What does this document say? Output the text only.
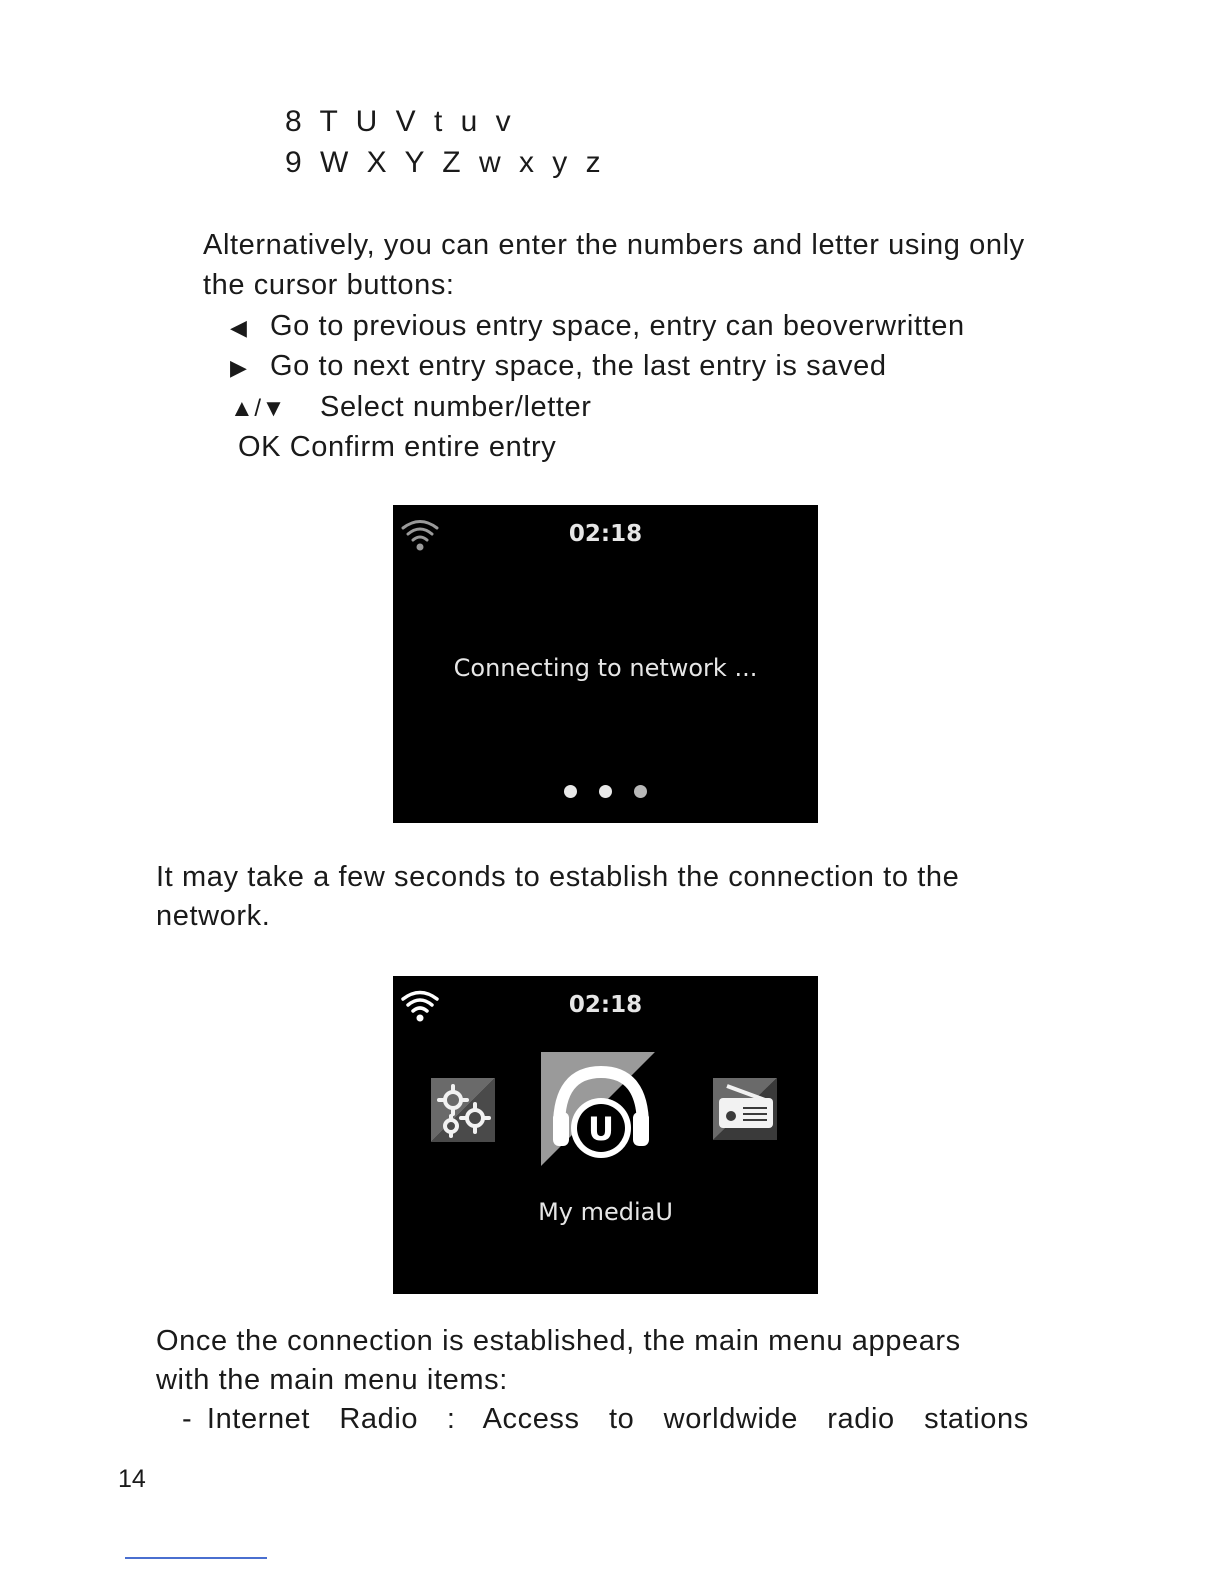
8 T U V t u v
9 W X Y Z w x y z
Alternatively, you can enter the numbers and letter using only
the cursor buttons:
◀ Go to previous entry space, entry can beoverwritten
▶ Go to next entry space, the last entry is saved
▲/▼ Select number/letter
OK Confirm entire entry
02:18
Connecting to network ...
It may take a few seconds to establish the connection to the
network.
02:18
U
My mediaU
Once the connection is established, the main menu appears
with the main menu items:
- Internet  Radio : Access  to  worldwide  radio  stations
14
